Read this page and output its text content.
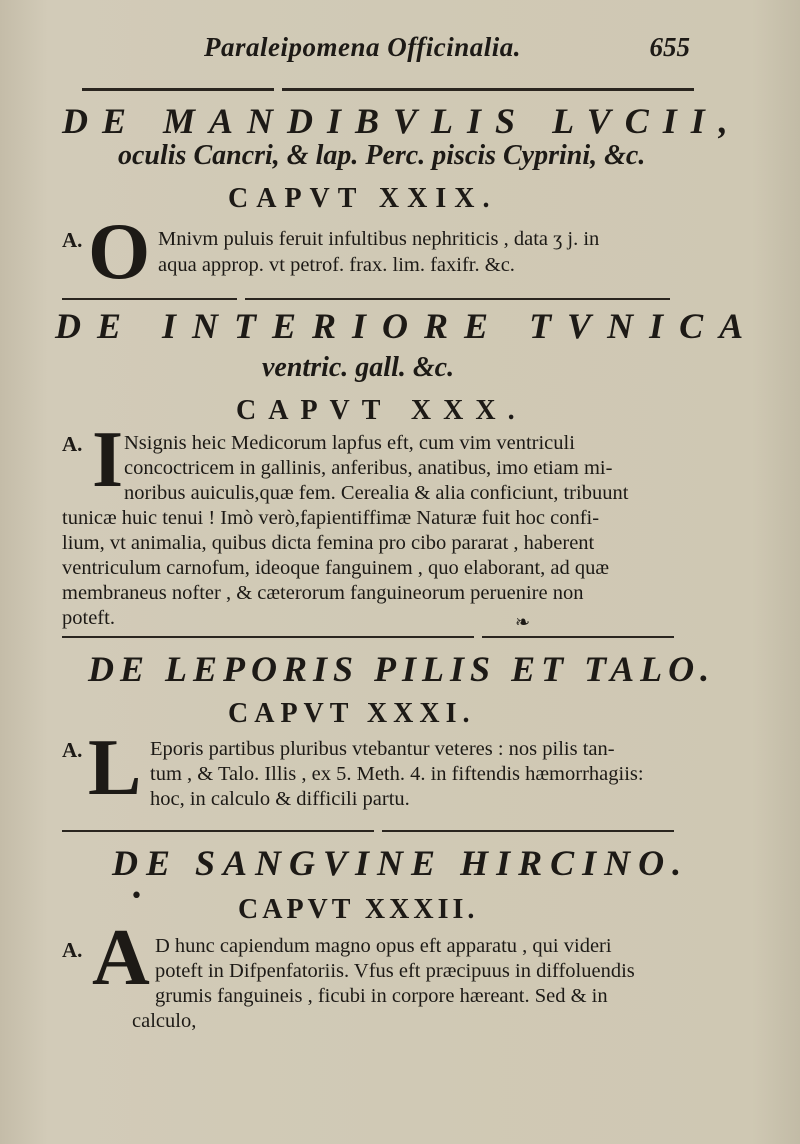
Paraleipomena Officinalia.	655
DE MANDIBVLIS LVCII,
oculis Cancri, & lap. Perc. piscis Cyprini, &c.
CAPVT XXIX.
A. O Mnivm puluis feruit infultibus nephriticis , data ʒ j. in
aqua approp. vt petrof. frax. lim. faxifr. &c.
DE INTERIORE TVNICA
ventric. gall. &c.
CAPVT XXX.
A. I Nsignis heic Medicorum lapfus eft, cum vim ventriculi
concoctricem in gallinis, anferibus, anatibus, imo etiam mi-
noribus auiculis,quæ fem. Cerealia & alia conficiunt, tribuunt
tunicæ huic tenui ! Imò verò,fapientiffimæ Naturæ fuit hoc confi-
lium, vt animalia, quibus dicta femina pro cibo pararat , haberent
ventriculum carnofum, ideoque fanguinem , quo elaborant, ad quæ
membraneus nofter , & cæterorum fanguineorum peruenire non
poteft.	❧
DE LEPORIS PILIS ET TALO.
CAPVT XXXI.
A. L Eporis partibus pluribus vtebantur veteres : nos pilis tan-
tum , & Talo. Illis , ex 5. Meth. 4. in fiftendis hæmorrhagiis:
hoc, in calculo & difficili partu.
DE SANGVINE HIRCINO.
•	CAPVT XXXII.
A. A D hunc capiendum magno opus eft apparatu , qui videri
poteft in Difpenfatoriis. Vfus eft præcipuus in diffoluendis
grumis fanguineis , ficubi in corpore hæreant. Sed & in
calculo,
